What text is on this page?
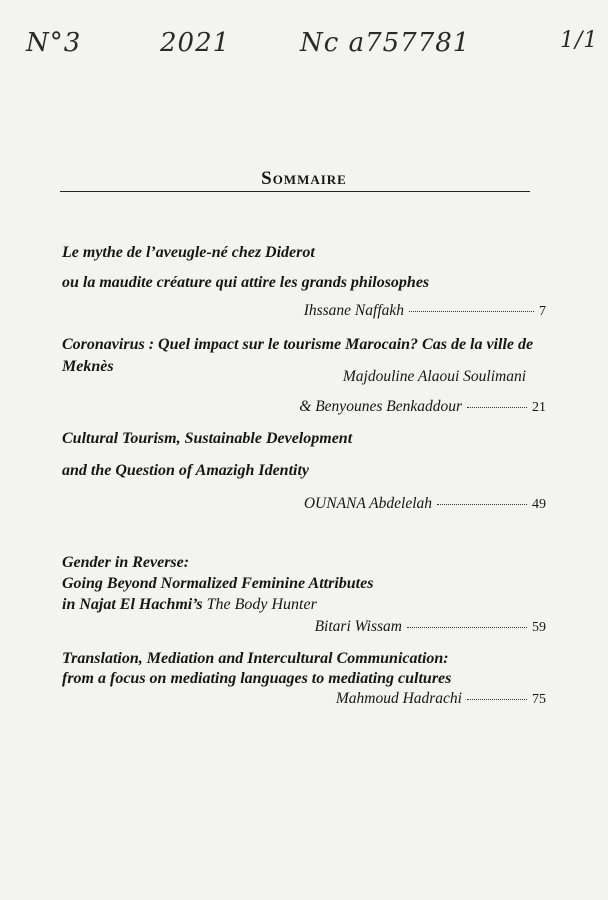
N°3	2021	Nc a757781	1/1
Sommaire
Le mythe de l’aveugle-né chez Diderot
ou la maudite créature qui attire les grands philosophes
Ihssane Naffakh	7
Coronavirus : Quel impact sur le tourisme Marocain? Cas de la ville de Meknès
Majdouline Alaoui Soulimani
& Benyounes Benkaddour	21
Cultural Tourism, Sustainable Development
and the Question of Amazigh Identity
OUNANA Abdelelah	49
Gender in Reverse:
Going Beyond Normalized Feminine Attributes
in Najat El Hachmi’s The Body Hunter
Bitari Wissam	59
Translation, Mediation and Intercultural Communication:
from a focus on mediating languages to mediating cultures
Mahmoud Hadrachi	75
